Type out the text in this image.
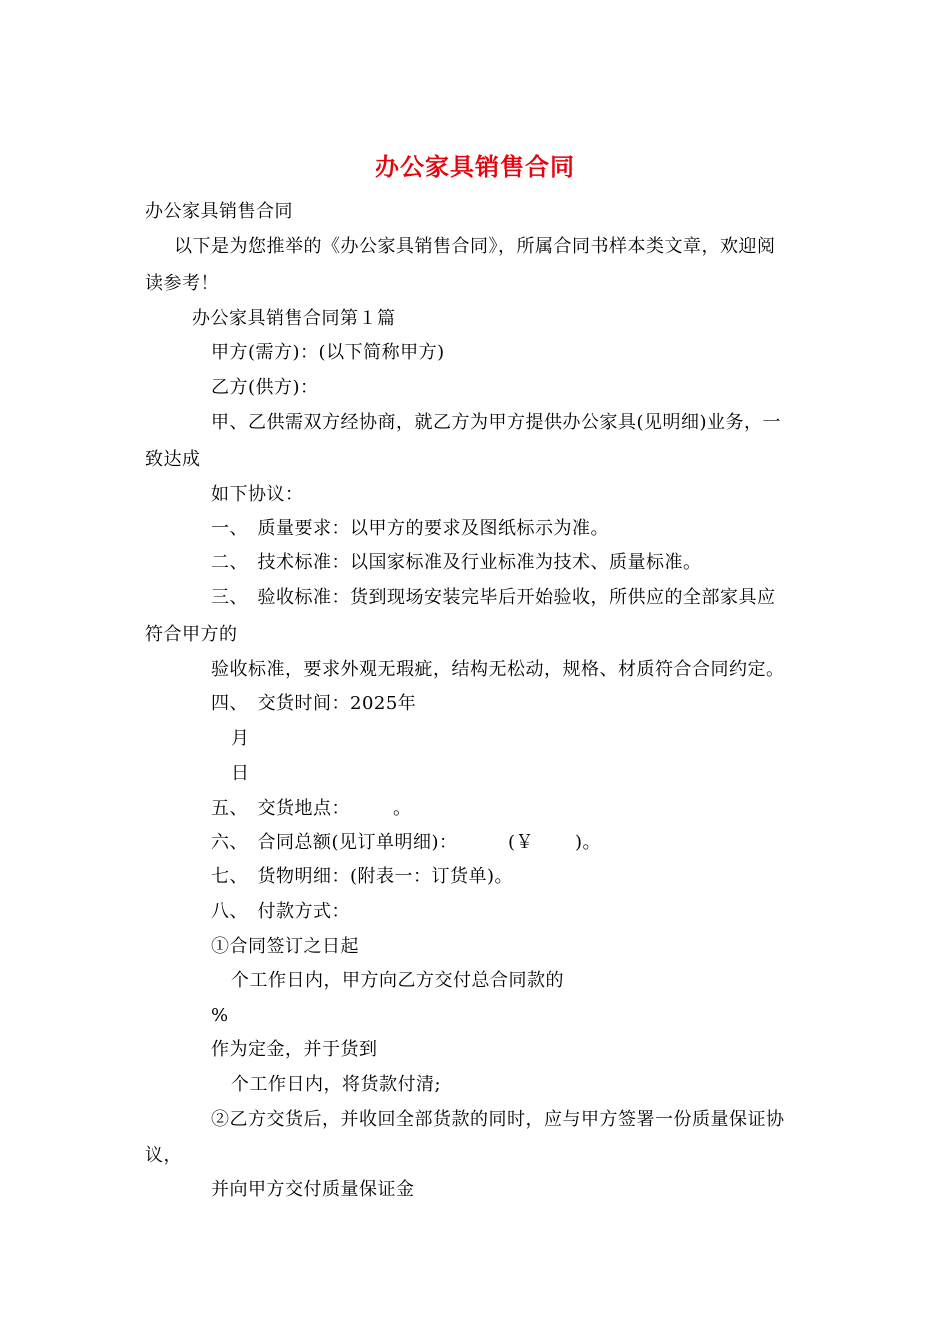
办公家具销售合同
办公家具销售合同
以下是为您推举的《办公家具销售合同》，所属合同书样本类文章，欢迎阅
读参考！
办公家具销售合同第１篇
甲方(需方)：(以下简称甲方)
乙方(供方)：
甲、乙供需双方经协商，就乙方为甲方提供办公家具(见明细)业务，一
致达成
如下协议：
一、　质量要求：以甲方的要求及图纸标示为准。
二、　技术标准：以国家标准及行业标准为技术、质量标准。
三、　验收标准：货到现场安装完毕后开始验收，所供应的全部家具应
符合甲方的
验收标准，要求外观无瑕疵，结构无松动，规格、材质符合合同约定。
四、　交货时间：2025年
月
日
五、　交货地点： 。
六、　合同总额(见订单明细)：	(￥ )。
七、　货物明细：(附表一：订货单)。
八、　付款方式：
①合同签订之日起
个工作日内，甲方向乙方交付总合同款的
%
作为定金，并于货到
个工作日内，将货款付清;
②乙方交货后，并收回全部货款的同时，应与甲方签署一份质量保证协
议，
并向甲方交付质量保证金
